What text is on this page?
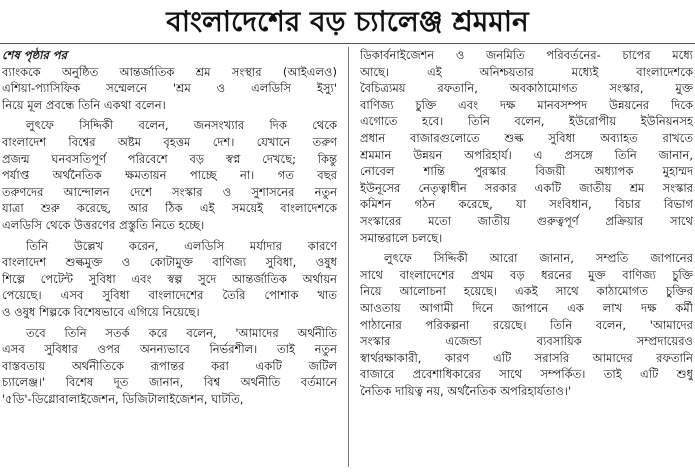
বাংলাদেশের বড় চ্যালেঞ্জ শ্রমমান
শেষ পৃষ্ঠার পর
ব্যাংককে অনুষ্ঠিত আন্তর্জাতিক শ্রম সংস্থার (আইএলও)
এশিয়া-প্যাসিফিক সম্মেলনে 'শ্রম ও এলডিসি ইস্যু'
নিয়ে মূল প্রবন্ধে তিনি একথা বলেন।
লুৎফে সিদ্দিকী বলেন, জনসংখ্যার দিক থেকে
বাংলাদেশ বিশ্বের অষ্টম বৃহত্তম দেশ। যেখানে তরুণ
প্রজন্ম ঘনবসতিপূর্ণ পরিবেশে বড় স্বপ্ন দেখছে; কিন্তু
পর্যাপ্ত অর্থনৈতিক ক্ষমতায়ন পাচ্ছে না। গত বছর
তরুণদের আন্দোলন দেশে সংস্কার ও সুশাসনের নতুন
যাত্রা শুরু করেছে, আর ঠিক এই সময়েই বাংলাদেশকে
এলডিসি থেকে উত্তরণের প্রস্তুতি নিতে হচ্ছে।
তিনি উল্লেখ করেন, এলডিসি মর্যাদার কারণে
বাংলাদেশ শুল্কমুক্ত ও কোটামুক্ত বাণিজ্য সুবিধা, ওষুধ
শিল্পে পেটেন্ট সুবিধা এবং স্বল্প সুদে আন্তর্জাতিক অর্থায়ন
পেয়েছে। এসব সুবিধা বাংলাদেশের তৈরি পোশাক খাত
ও ওষুধ শিল্পকে বিশেষভাবে এগিয়ে নিয়েছে।
তবে তিনি সতর্ক করে বলেন, 'আমাদের অর্থনীতি
এসব সুবিধার ওপর অনন্যভাবে নির্ভরশীল। তাই নতুন
বাস্তবতায় অর্থনীতিকে রূপান্তর করা একটি জটিল
চ্যালেঞ্জ।' বিশেষ দূত জানান, বিশ্ব অর্থনীতি বর্তমানে
'৫ডি'-ডিগ্লোবালাইজেশন, ডিজিটালাইজেশন, ঘাটতি,
ডিকার্বনাইজেশন ও জনমিতি পরিবর্তনের- চাপের মধ্যে
আছে। এই অনিশ্চয়তার মধ্যেই বাংলাদেশকে
বৈচিত্র্যময় রফতানি, অবকাঠামোগত সংস্কার, মুক্ত
বাণিজ্য চুক্তি এবং দক্ষ মানবসম্পদ উন্নয়নের দিকে
এগোতে হবে। তিনি বলেন, ইউরোপীয় ইউনিয়নসহ
প্রধান বাজারগুলোতে শুল্ক সুবিধা অব্যাহত রাখতে
শ্রমমান উন্নয়ন অপরিহার্য। এ প্রসঙ্গে তিনি জানান,
নোবেল শান্তি পুরস্কার বিজয়ী অধ্যাপক মুহাম্মদ
ইউনূসের নেতৃত্বাধীন সরকার একটি জাতীয় শ্রম সংস্কার
কমিশন গঠন করেছে, যা সংবিধান, বিচার বিভাগ
সংস্কারের মতো জাতীয় গুরুত্বপূর্ণ প্রক্রিয়ার সাথে
সমান্তরালে চলছে।
লুৎফে সিদ্দিকী আরো জানান, সম্প্রতি জাপানের
সাথে বাংলাদেশের প্রথম বড় ধরনের মুক্ত বাণিজ্য চুক্তি
নিয়ে আলোচনা হয়েছে। একই সাথে কাঠামোগত চুক্তির
আওতায় আগামী দিনে জাপানে এক লাখ দক্ষ কর্মী
পাঠানোর পরিকল্পনা রয়েছে। তিনি বলেন, 'আমাদের
সংস্কার এজেন্ডা ব্যবসায়িক সম্প্রদায়েরও
স্বার্থরক্ষাকারী, কারণ এটি সরাসরি আমাদের রফতানি
বাজারে প্রবেশাধিকারের সাথে সম্পর্কিত। তাই এটি শুধু
নৈতিক দায়িত্ব নয়, অর্থনৈতিক অপরিহার্যতাও।'
